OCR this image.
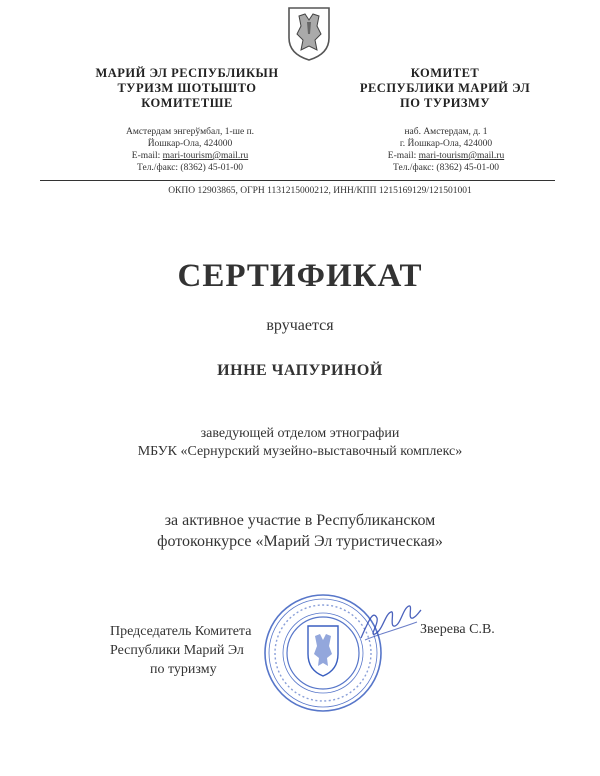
МАРИЙ ЭЛ РЕСПУБЛИКЫН
ТУРИЗМ ШОТЫШТО
КОМИТЕТШЕ
КОМИТЕТ
РЕСПУБЛИКИ МАРИЙ ЭЛ
ПО ТУРИЗМУ
Амстердам энгерўмбал, 1-ше п.
Йошкар-Ола, 424000
E-mail: mari-tourism@mail.ru
Тел./факс: (8362) 45-01-00
наб. Амстердам, д. 1
г. Йошкар-Ола, 424000
E-mail: mari-tourism@mail.ru
Тел./факс: (8362) 45-01-00
ОКПО 12903865, ОГРН 1131215000212, ИНН/КПП 1215169129/121501001
СЕРТИФИКАТ
вручается
ИННЕ ЧАПУРИНОЙ
заведующей отделом этнографии
МБУК «Сернурский музейно-выставочный комплекс»
за активное участие в Республиканском
фотоконкурсе «Марий Эл туристическая»
Председатель Комитета
Республики Марий Эл
по туризму
Зверева С.В.
